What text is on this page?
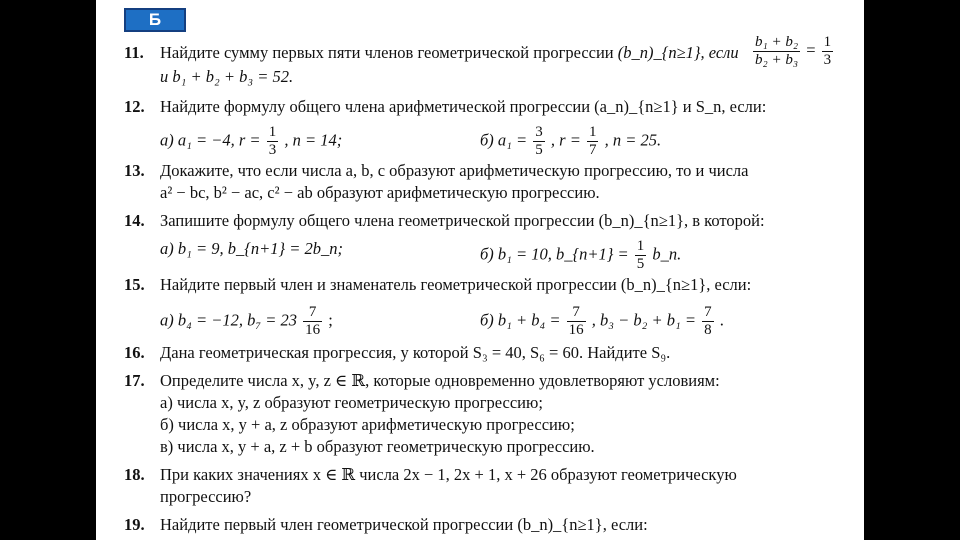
Б
11. Найдите сумму первых пяти членов геометрической прогрессии (b_n)_{n≥1}, если $\frac{\text{b₁ + b₂}}{\text{b₂ + b₃}} = \frac{1}{3}$
и b₁ + b₂ + b₃ = 52.
12. Найдите формулу общего члена арифметической прогрессии (a_n)_{n≥1} и S_n, если:
а) a₁ = −4, $r = \frac{1}{3}$ , n = 14;	б) $a_1 = \frac{3}{5}$ , $r = \frac{1}{7}$ , n = 25.
13. Докажите, что если числа a, b, c образуют арифметическую прогрессию, то и числа
a² − bc, b² − ac, c² − ab образуют арифметическую прогрессию.
14. Запишите формулу общего члена геометрической прогрессии (b_n)_{n≥1}, в которой:
а) b₁ = 9, b_{n+1} = 2b_n;	б) b₁ = 10, b_{n+1} = $\frac{1}{5}$ b_n.
15. Найдите первый член и знаменатель геометрической прогрессии (b_n)_{n≥1}, если:
а) b₄ = −12, $b_7 = 23 \frac{7}{16}$ ;	б) $b_1 + b_4 = \frac{7}{16}$ , $b_3 - b_2 + b_1 = \frac{7}{8}$ .
16. Дана геометрическая прогрессия, у которой S₃ = 40, S₆ = 60. Найдите S₉.
17. Определите числа x, y, z ∈ ℝ, которые одновременно удовлетворяют условиям:
а) числа x, y, z образуют геометрическую прогрессию;
б) числа x, y + a, z образуют арифметическую прогрессию;
в) числа x, y + a, z + b образуют геометрическую прогрессию.
18. При каких значениях x ∈ ℝ числа 2x − 1, 2x + 1, x + 26 образуют геометрическую
прогрессию?
19. Найдите первый член геометрической прогрессии (b_n)_{n≥1}, если:
